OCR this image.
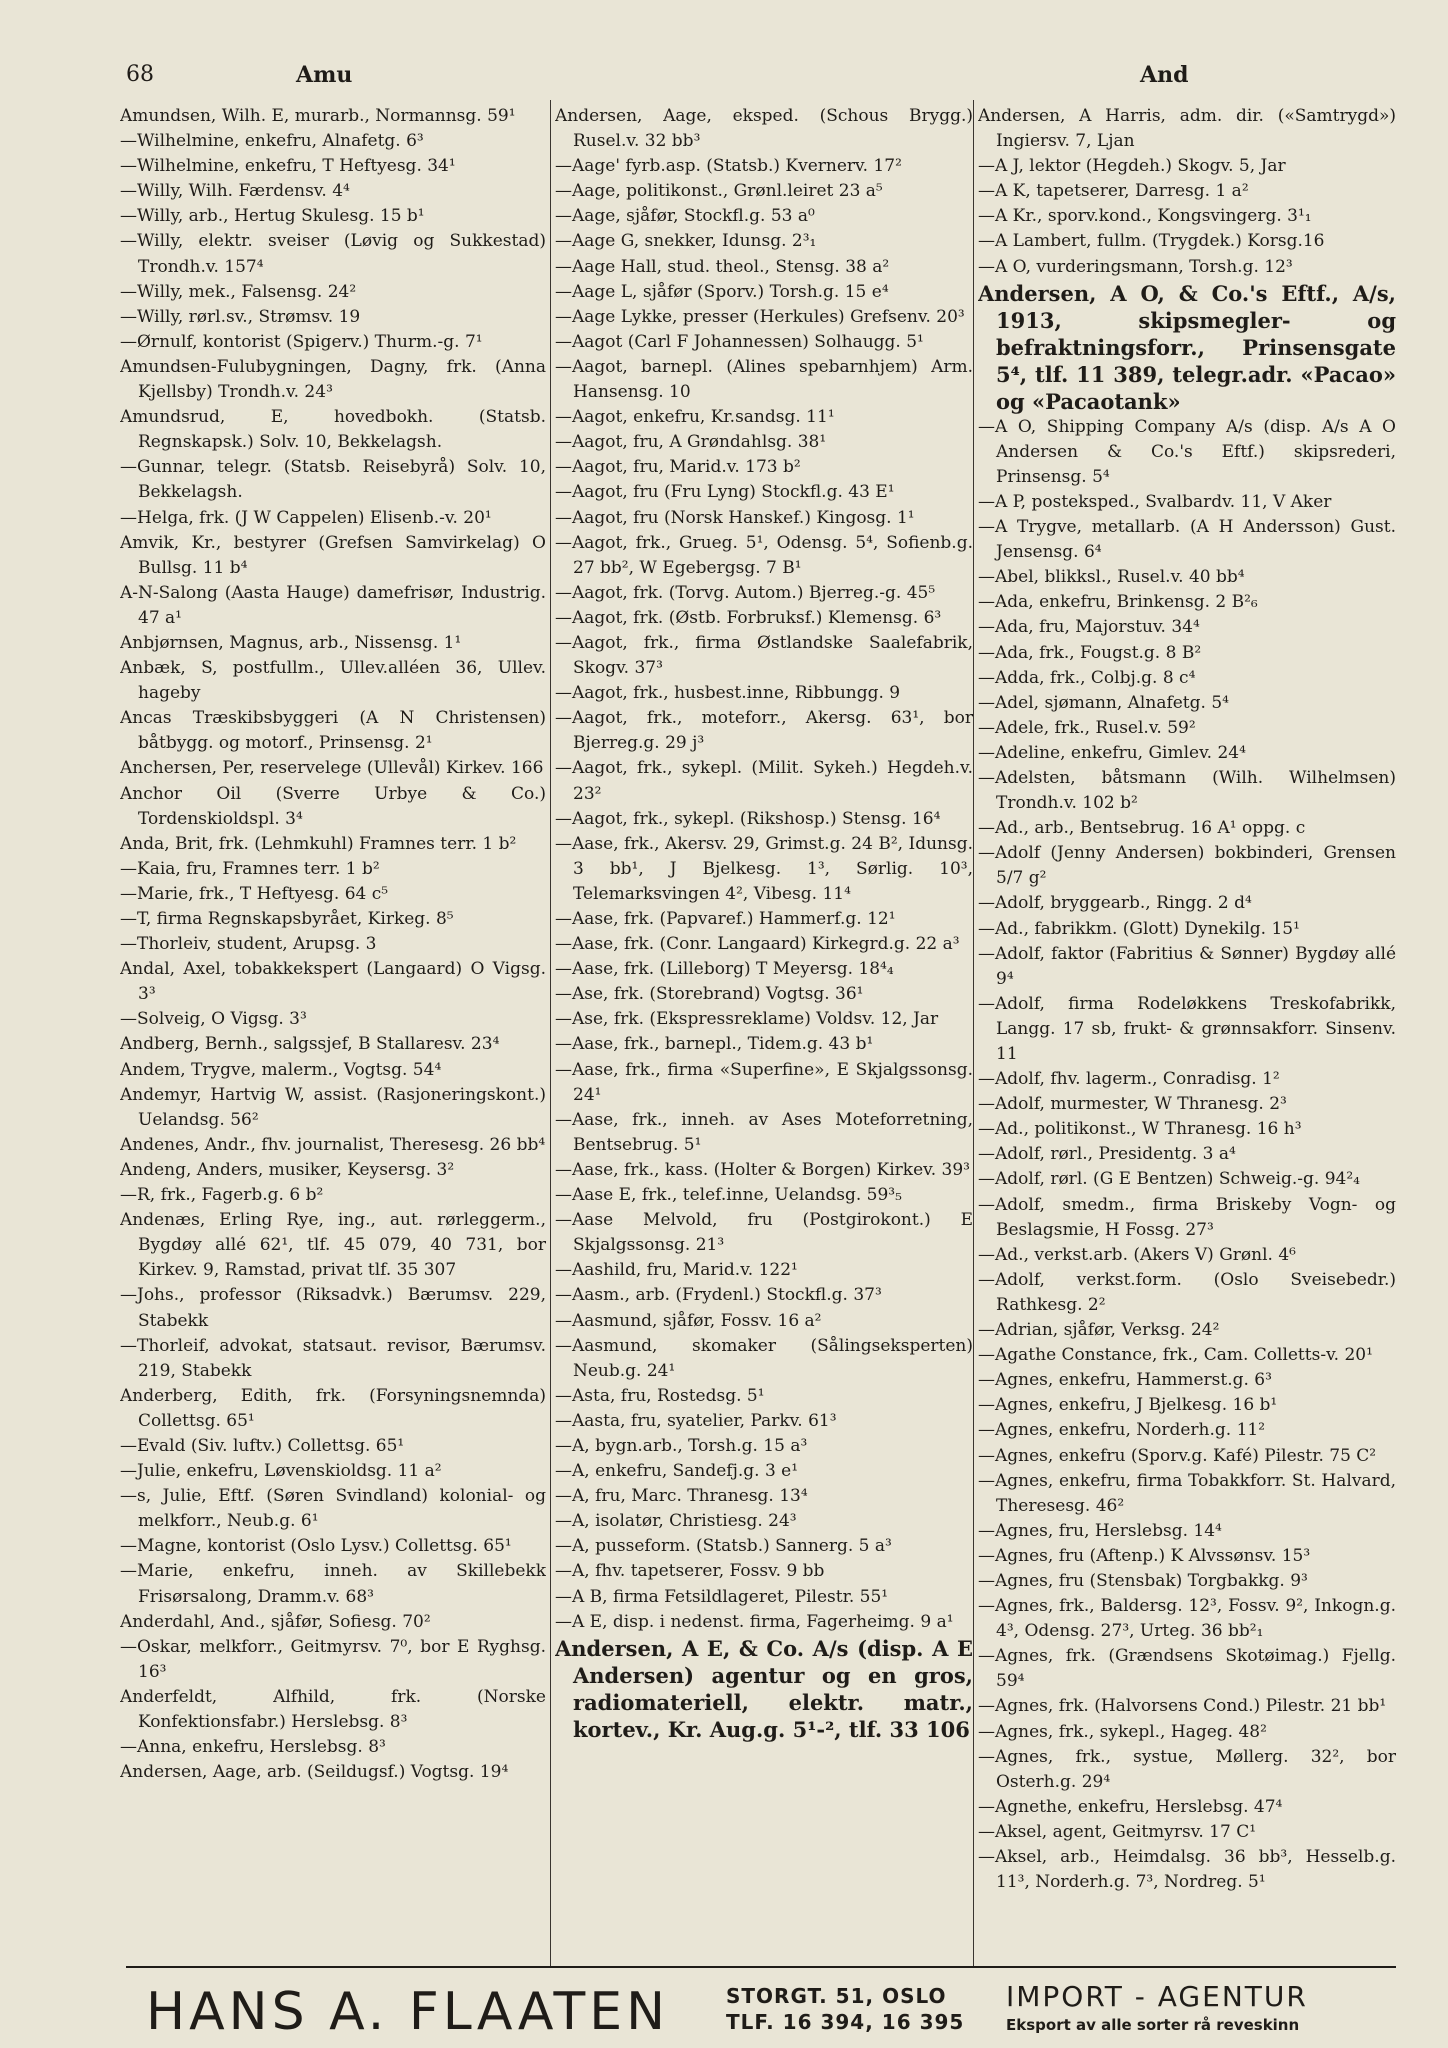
68	Amu	And

Amundsen, Wilh. E, murarb., Normannsg. 59¹

—Wilhelmine, enkefru, Alnafetg. 6³

—Wilhelmine, enkefru, T Heftyesg. 34¹

—Willy, Wilh. Færdensv. 4⁴

—Willy, arb., Hertug Skulesg. 15 b¹

—Willy, elektr. sveiser (Løvig og Sukkestad) Trondh.v. 157⁴

—Willy, mek., Falsensg. 24²

—Willy, rørl.sv., Strømsv. 19

—Ørnulf, kontorist (Spigerv.) Thurm.-g. 7¹

Amundsen-Fulubygningen, Dagny, frk. (Anna Kjellsby) Trondh.v. 24³

Amundsrud, E, hovedbokh. (Statsb. Regnskapsk.) Solv. 10, Bekkelagsh.

—Gunnar, telegr. (Statsb. Reisebyrå) Solv. 10, Bekkelagsh.

—Helga, frk. (J W Cappelen) Elisenb.-v. 20¹

Amvik, Kr., bestyrer (Grefsen Samvirkelag) O Bullsg. 11 b⁴

A-N-Salong (Aasta Hauge) damefrisør, Industrig. 47 a¹

Anbjørnsen, Magnus, arb., Nissensg. 1¹

Anbæk, S, postfullm., Ullev.alléen 36, Ullev. hageby

Ancas Træskibsbyggeri (A N Christensen) båtbygg. og motorf., Prinsensg. 2¹

Anchersen, Per, reservelege (Ullevål) Kirkev. 166

Anchor Oil (Sverre Urbye & Co.) Tordenskioldspl. 3⁴

Anda, Brit, frk. (Lehmkuhl) Framnes terr. 1 b²

—Kaia, fru, Framnes terr. 1 b²

—Marie, frk., T Heftyesg. 64 c⁵

—T, firma Regnskapsbyrået, Kirkeg. 8⁵

—Thorleiv, student, Arupsg. 3

Andal, Axel, tobakkekspert (Langaard) O Vigsg. 3³

—Solveig, O Vigsg. 3³

Andberg, Bernh., salgssjef, B Stallaresv. 23⁴

Andem, Trygve, malerm., Vogtsg. 54⁴

Andemyr, Hartvig W, assist. (Rasjoneringskont.) Uelandsg. 56²

Andenes, Andr., fhv. journalist, Theresesg. 26 bb⁴

Andeng, Anders, musiker, Keysersg. 3²

—R, frk., Fagerb.g. 6 b²

Andenæs, Erling Rye, ing., aut. rørleggerm., Bygdøy allé 62¹, tlf. 45 079, 40 731, bor Kirkev. 9, Ramstad, privat tlf. 35 307

—Johs., professor (Riksadvk.) Bærumsv. 229, Stabekk

—Thorleif, advokat, statsaut. revisor, Bærumsv. 219, Stabekk

Anderberg, Edith, frk. (Forsyningsnemnda) Collettsg. 65¹

—Evald (Siv. luftv.) Collettsg. 65¹

—Julie, enkefru, Løvenskioldsg. 11 a²

—s, Julie, Eftf. (Søren Svindland) kolonial- og melkforr., Neub.g. 6¹

—Magne, kontorist (Oslo Lysv.) Collettsg. 65¹

—Marie, enkefru, inneh. av Skillebekk Frisørsalong, Dramm.v. 68³

Anderdahl, And., sjåfør, Sofiesg. 70²

—Oskar, melkforr., Geitmyrsv. 7⁰, bor E Ryghsg. 16³

Anderfeldt, Alfhild, frk. (Norske Konfektionsfabr.) Herslebsg. 8³

—Anna, enkefru, Herslebsg. 8³

Andersen, Aage, arb. (Seildugsf.) Vogtsg. 19⁴

Andersen, Aage, eksped. (Schous Brygg.) Rusel.v. 32 bb³

—Aage' fyrb.asp. (Statsb.) Kvernerv. 17²

—Aage, politikonst., Grønl.leiret 23 a⁵

—Aage, sjåfør, Stockfl.g. 53 a⁰

—Aage G, snekker, Idunsg. 2³₁

—Aage Hall, stud. theol., Stensg. 38 a²

—Aage L, sjåfør (Sporv.) Torsh.g. 15 e⁴

—Aage Lykke, presser (Herkules) Grefsenv. 20³

—Aagot (Carl F Johannessen) Solhaugg. 5¹

—Aagot, barnepl. (Alines spebarnhjem) Arm. Hansensg. 10

—Aagot, enkefru, Kr.sandsg. 11¹

—Aagot, fru, A Grøndahlsg. 38¹

—Aagot, fru, Marid.v. 173 b²

—Aagot, fru (Fru Lyng) Stockfl.g. 43 E¹

—Aagot, fru (Norsk Hanskef.) Kingosg. 1¹

—Aagot, frk., Grueg. 5¹, Odensg. 5⁴, Sofienb.g. 27 bb², W Egebergsg. 7 B¹

—Aagot, frk. (Torvg. Autom.) Bjerreg.-g. 45⁵

—Aagot, frk. (Østb. Forbruksf.) Klemensg. 6³

—Aagot, frk., firma Østlandske Saalefabrik, Skogv. 37³

—Aagot, frk., husbest.inne, Ribbungg. 9

—Aagot, frk., moteforr., Akersg. 63¹, bor Bjerreg.g. 29 j³

—Aagot, frk., sykepl. (Milit. Sykeh.) Hegdeh.v. 23²

—Aagot, frk., sykepl. (Rikshosp.) Stensg. 16⁴

—Aase, frk., Akersv. 29, Grimst.g. 24 B², Idunsg. 3 bb¹, J Bjelkesg. 1³, Sørlig. 10³, Telemarksvingen 4², Vibesg. 11⁴

—Aase, frk. (Papvaref.) Hammerf.g. 12¹

—Aase, frk. (Conr. Langaard) Kirkegrd.g. 22 a³

—Aase, frk. (Lilleborg) T Meyersg. 18⁴₄

—Ase, frk. (Storebrand) Vogtsg. 36¹

—Ase, frk. (Ekspressreklame) Voldsv. 12, Jar

—Aase, frk., barnepl., Tidem.g. 43 b¹

—Aase, frk., firma «Superfine», E Skjalgssonsg. 24¹

—Aase, frk., inneh. av Ases Moteforretning, Bentsebrug. 5¹

—Aase, frk., kass. (Holter & Borgen) Kirkev. 39³

—Aase E, frk., telef.inne, Uelandsg. 59³₅

—Aase Melvold, fru (Postgirokont.) E Skjalgssonsg. 21³

—Aashild, fru, Marid.v. 122¹

—Aasm., arb. (Frydenl.) Stockfl.g. 37³

—Aasmund, sjåfør, Fossv. 16 a²

—Aasmund, skomaker (Sålingseksperten) Neub.g. 24¹

—Asta, fru, Rostedsg. 5¹

—Aasta, fru, syatelier, Parkv. 61³

—A, bygn.arb., Torsh.g. 15 a³

—A, enkefru, Sandefj.g. 3 e¹

—A, fru, Marc. Thranesg. 13⁴

—A, isolatør, Christiesg. 24³

—A, pusseform. (Statsb.) Sannerg. 5 a³

—A, fhv. tapetserer, Fossv. 9 bb

—A B, firma Fetsildlageret, Pilestr. 55¹

—A E, disp. i nedenst. firma, Fagerheimg. 9 a¹

Andersen, A E, & Co. A/s (disp. A E Andersen) agentur og en gros, radiomateriell, elektr. matr., kortev., Kr. Aug.g. 5¹-², tlf. 33 106

Andersen, A Harris, adm. dir. («Samtrygd») Ingiersv. 7, Ljan

—A J, lektor (Hegdeh.) Skogv. 5, Jar

—A K, tapetserer, Darresg. 1 a²

—A Kr., sporv.kond., Kongsvingerg. 3¹₁

—A Lambert, fullm. (Trygdek.) Korsg.16

—A O, vurderingsmann, Torsh.g. 12³

Andersen, A O, & Co.'s Eftf., A/s, 1913, skipsmegler- og befraktningsforr., Prinsensgate 5⁴, tlf. 11 389, telegr.adr. «Pacao» og «Pacaotank»

—A O, Shipping Company A/s (disp. A/s A O Andersen & Co.'s Eftf.) skipsrederi, Prinsensg. 5⁴

—A P, posteksped., Svalbardv. 11, V Aker

—A Trygve, metallarb. (A H Andersson) Gust. Jensensg. 6⁴

—Abel, blikksl., Rusel.v. 40 bb⁴

—Ada, enkefru, Brinkensg. 2 B²₆

—Ada, fru, Majorstuv. 34⁴

—Ada, frk., Fougst.g. 8 B²

—Adda, frk., Colbj.g. 8 c⁴

—Adel, sjømann, Alnafetg. 5⁴

—Adele, frk., Rusel.v. 59²

—Adeline, enkefru, Gimlev. 24⁴

—Adelsten, båtsmann (Wilh. Wilhelmsen) Trondh.v. 102 b²

—Ad., arb., Bentsebrug. 16 A¹ oppg. c

—Adolf (Jenny Andersen) bokbinderi, Grensen 5/7 g²

—Adolf, bryggearb., Ringg. 2 d⁴

—Ad., fabrikkm. (Glott) Dynekilg. 15¹

—Adolf, faktor (Fabritius & Sønner) Bygdøy allé 9⁴

—Adolf, firma Rodeløkkens Treskofabrikk, Langg. 17 sb, frukt- & grønnsakforr. Sinsenv. 11

—Adolf, fhv. lagerm., Conradisg. 1²

—Adolf, murmester, W Thranesg. 2³

—Ad., politikonst., W Thranesg. 16 h³

—Adolf, rørl., Presidentg. 3 a⁴

—Adolf, rørl. (G E Bentzen) Schweig.-g. 94²₄

—Adolf, smedm., firma Briskeby Vogn- og Beslagsmie, H Fossg. 27³

—Ad., verkst.arb. (Akers V) Grønl. 4⁶

—Adolf, verkst.form. (Oslo Sveisebedr.) Rathkesg. 2²

—Adrian, sjåfør, Verksg. 24²

—Agathe Constance, frk., Cam. Colletts-v. 20¹

—Agnes, enkefru, Hammerst.g. 6³

—Agnes, enkefru, J Bjelkesg. 16 b¹

—Agnes, enkefru, Norderh.g. 11²

—Agnes, enkefru (Sporv.g. Kafé) Pilestr. 75 C²

—Agnes, enkefru, firma Tobakkforr. St. Halvard, Theresesg. 46²

—Agnes, fru, Herslebsg. 14⁴

—Agnes, fru (Aftenp.) K Alvssønsv. 15³

—Agnes, fru (Stensbak) Torgbakkg. 9³

—Agnes, frk., Baldersg. 12³, Fossv. 9², Inkogn.g. 4³, Odensg. 27³, Urteg. 36 bb²₁

—Agnes, frk. (Grændsens Skotøimag.) Fjellg. 59⁴

—Agnes, frk. (Halvorsens Cond.) Pilestr. 21 bb¹

—Agnes, frk., sykepl., Hageg. 48²

—Agnes, frk., systue, Møllerg. 32², bor Osterh.g. 29⁴

—Agnethe, enkefru, Herslebsg. 47⁴

—Aksel, agent, Geitmyrsv. 17 C¹

—Aksel, arb., Heimdalsg. 36 bb³, Hesselb.g. 11³, Norderh.g. 7³, Nordreg. 5¹

HANS A. FLAATEN	STORGT. 51, OSLO
TLF. 16 394, 16 395
IMPORT - AGENTUR
Eksport av alle sorter rå reveskinn
